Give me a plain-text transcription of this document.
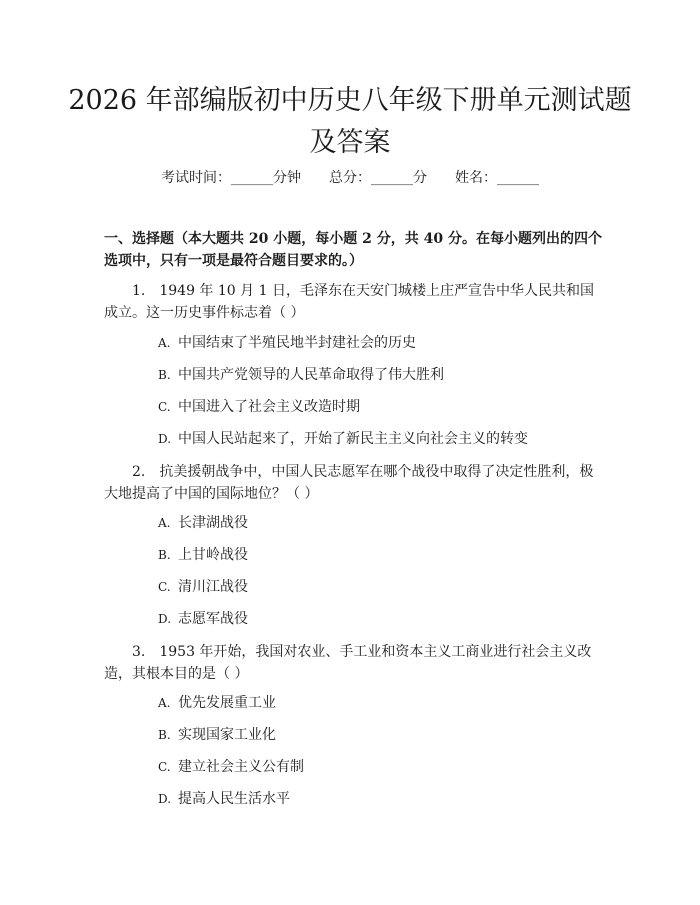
2026 年部编版初中历史八年级下册单元测试题及答案
考试时间：______分钟　　 总分：______分　　 姓名：______

一、选择题（本大题共 20 小题，每小题 2 分，共 40 分。在每小题列出的四个选项中，只有一项是最符合题目要求的。）

1.　1949 年 10 月 1 日，毛泽东在天安门城楼上庄严宣告中华人民共和国成立。这一历史事件标志着（ ）

A. 中国结束了半殖民地半封建社会的历史
B. 中国共产党领导的人民革命取得了伟大胜利
C. 中国进入了社会主义改造时期
D. 中国人民站起来了，开始了新民主主义向社会主义的转变

2.　抗美援朝战争中，中国人民志愿军在哪个战役中取得了决定性胜利，极大地提高了中国的国际地位？（ ）

A. 长津湖战役
B. 上甘岭战役
C. 清川江战役
D. 志愿军战役

3.　1953 年开始，我国对农业、手工业和资本主义工商业进行社会主义改造，其根本目的是（ ）

A. 优先发展重工业
B. 实现国家工业化
C. 建立社会主义公有制
D. 提高人民生活水平
